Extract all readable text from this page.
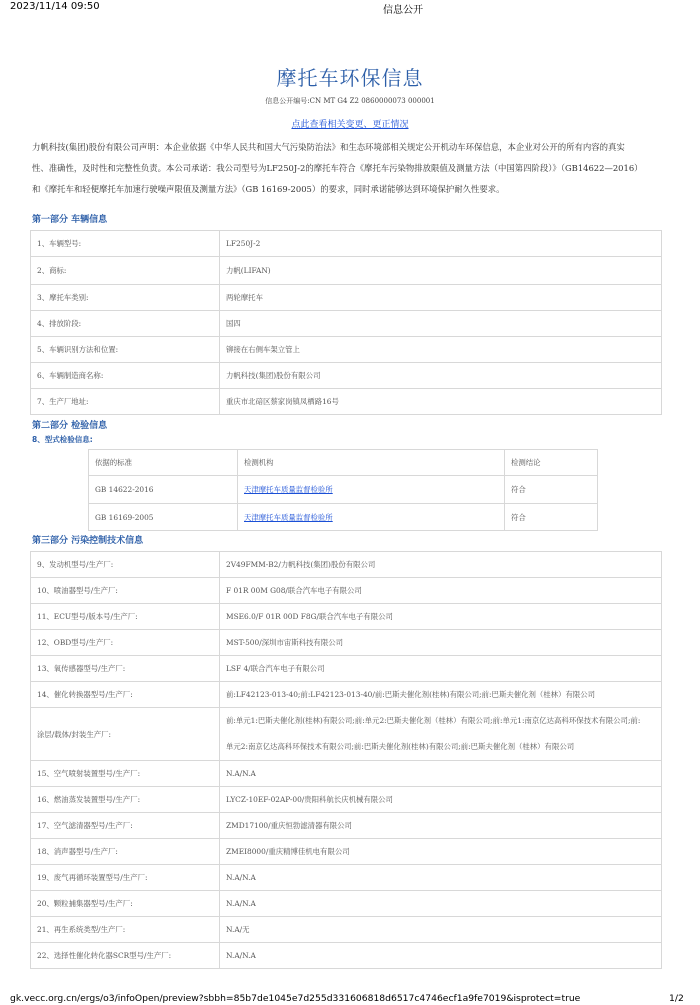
2023/11/14 09:50	信息公开
摩托车环保信息
信息公开编号:CN MT G4 Z2 0860000073 000001
点此查看相关变更、更正情况
力帆科技(集团)股份有限公司声明：本企业依据《中华人民共和国大气污染防治法》和生态环境部相关规定公开机动车环保信息，本企业对公开的所有内容的真实
性、准确性，及时性和完整性负责。本公司承诺：我公司型号为LF250J-2的摩托车符合《摩托车污染物排放限值及测量方法（中国第四阶段）》（GB14622—2016）
和《摩托车和轻便摩托车加速行驶噪声限值及测量方法》（GB 16169-2005）的要求，同时承诺能够达到环境保护耐久性要求。
第一部分 车辆信息
1、车辆型号:	LF250J-2
2、商标:	力帆(LIFAN)
3、摩托车类别:	两轮摩托车
4、排放阶段:	国四
5、车辆识别方法和位置:	铆接在右侧车架立管上
6、车辆制造商名称:	力帆科技(集团)股份有限公司
7、生产厂地址:	重庆市北碚区蔡家岗镇凤栖路16号
第二部分 检验信息
8、型式检验信息:
依据的标准	检测机构	检测结论
GB 14622-2016	天津摩托车质量监督检验所	符合
GB 16169-2005	天津摩托车质量监督检验所	符合
第三部分 污染控制技术信息
9、发动机型号/生产厂:	2V49FMM-B2/力帆科技(集团)股份有限公司
10、喷油器型号/生产厂:	F 01R 00M G08/联合汽车电子有限公司
11、ECU型号/版本号/生产厂:	MSE6.0/F 01R 00D F8G/联合汽车电子有限公司
12、OBD型号/生产厂:	MST-500/深圳市宙斯科技有限公司
13、氧传感器型号/生产厂:	LSF 4/联合汽车电子有限公司
14、催化转换器型号/生产厂:	前:LF42123-013-40;前:LF42123-013-40/前:巴斯夫催化剂(桂林)有限公司;前:巴斯夫催化剂（桂林）有限公司
涂层/载体/封装生产厂:	前:单元1:巴斯夫催化剂(桂林)有限公司;前:单元2:巴斯夫催化剂（桂林）有限公司;前:单元1:南京亿达高科环保技术有限公司;前:
单元2:南京亿达高科环保技术有限公司;前:巴斯夫催化剂(桂林)有限公司;前:巴斯夫催化剂（桂林）有限公司

15、空气喷射装置型号/生产厂:	N.A/N.A
16、燃油蒸发装置型号/生产厂:	LYCZ-10EF-02AP-00/贵阳科航长庆机械有限公司
17、空气滤清器型号/生产厂:	ZMD17100/重庆恒勃滤清器有限公司
18、消声器型号/生产厂:	ZMEI8000/重庆精博佳机电有限公司
19、废气再循环装置型号/生产厂:	N.A/N.A
20、颗粒捕集器型号/生产厂:	N.A/N.A
21、再生系统类型/生产厂:	N.A/无
22、选择性催化转化器SCR型号/生产厂:	N.A/N.A
gk.vecc.org.cn/ergs/o3/infoOpen/preview?sbbh=85b7de1045e7d255d331606818d6517c4746ecf1a9fe7019&isprotect=true	1/2
